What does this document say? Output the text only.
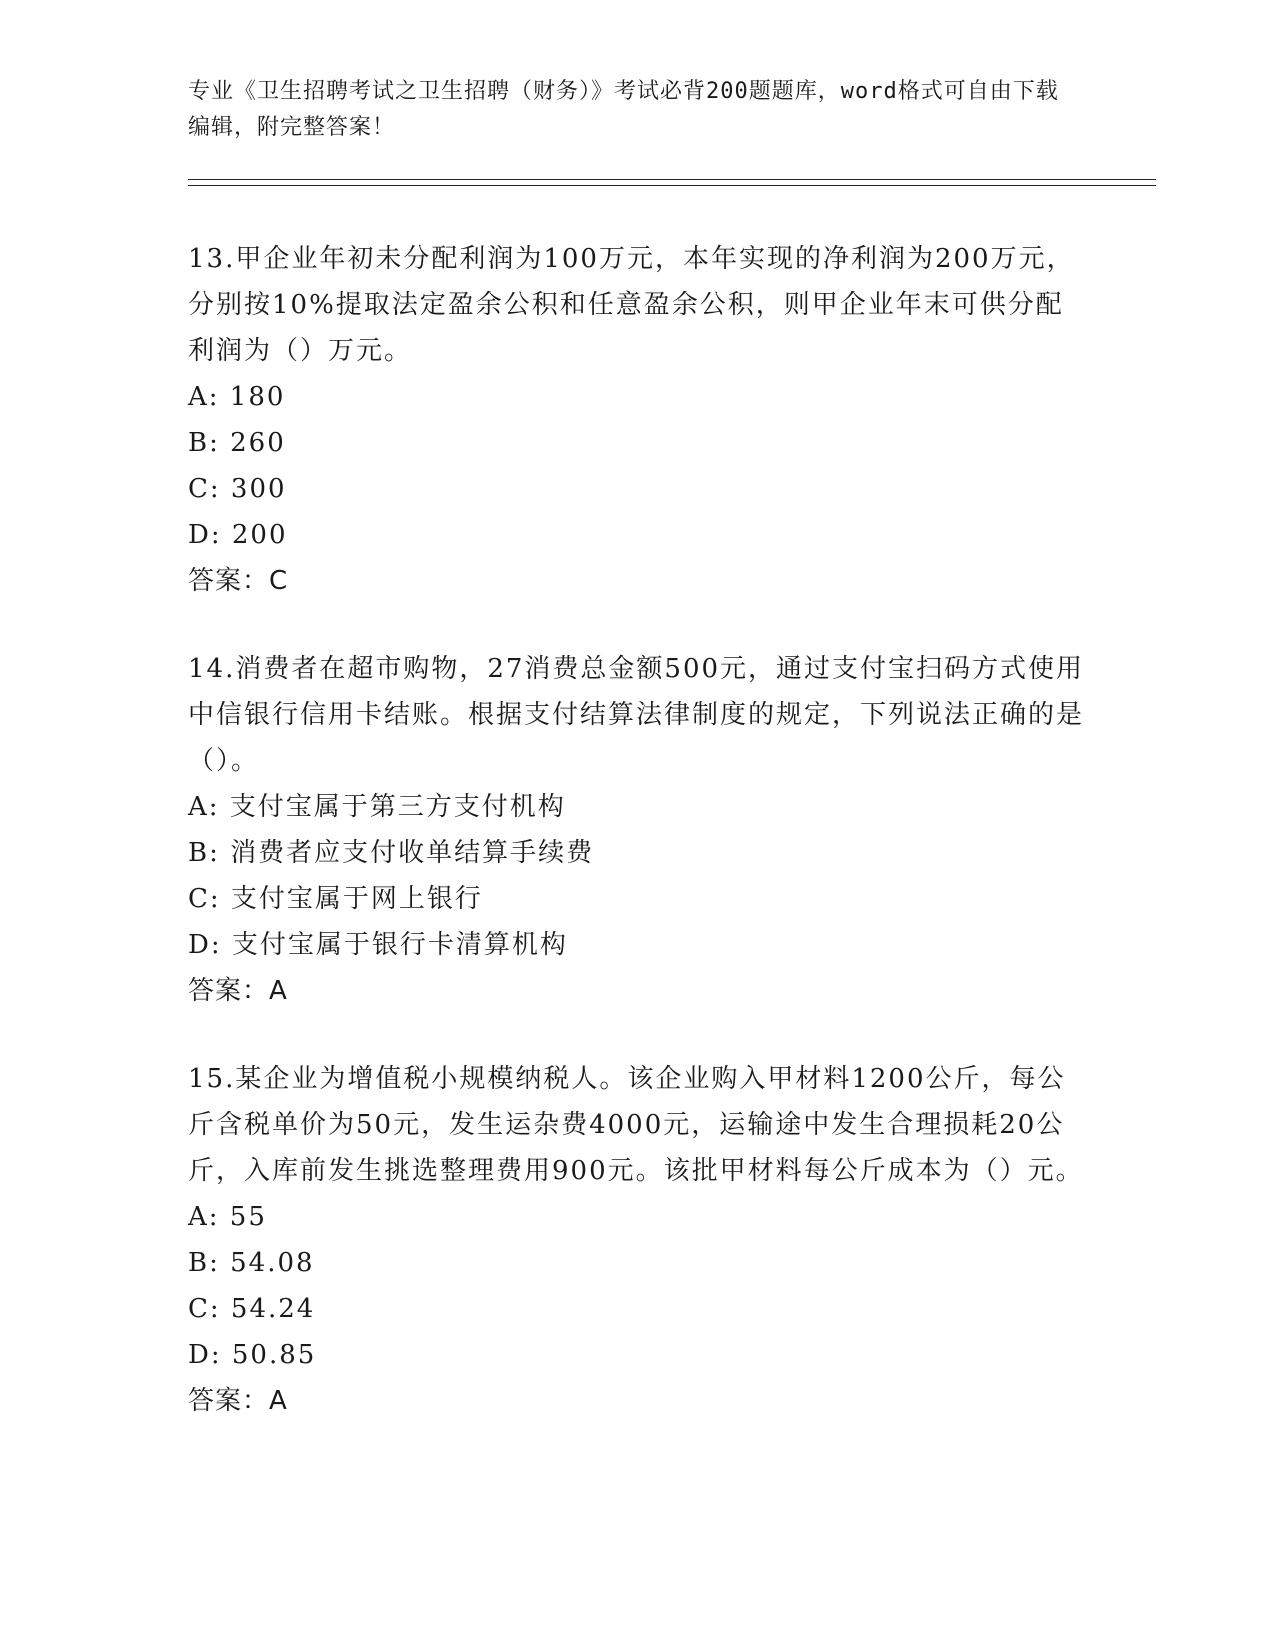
专业《卫生招聘考试之卫生招聘（财务）》考试必背200题题库，word格式可自由下载编辑，附完整答案！

13.甲企业年初未分配利润为100万元，本年实现的净利润为200万元，分别按10%提取法定盈余公积和任意盈余公积，则甲企业年末可供分配利润为（）万元。

A: 180

B: 260

C: 300

D: 200

答案：C

14.消费者在超市购物，27消费总金额500元，通过支付宝扫码方式使用中信银行信用卡结账。根据支付结算法律制度的规定，下列说法正确的是（）。

A: 支付宝属于第三方支付机构

B: 消费者应支付收单结算手续费

C: 支付宝属于网上银行

D: 支付宝属于银行卡清算机构

答案：A

15.某企业为增值税小规模纳税人。该企业购入甲材料1200公斤，每公斤含税单价为50元，发生运杂费4000元，运输途中发生合理损耗20公斤，入库前发生挑选整理费用900元。该批甲材料每公斤成本为（）元。

A: 55

B: 54.08

C: 54.24

D: 50.85

答案：A
